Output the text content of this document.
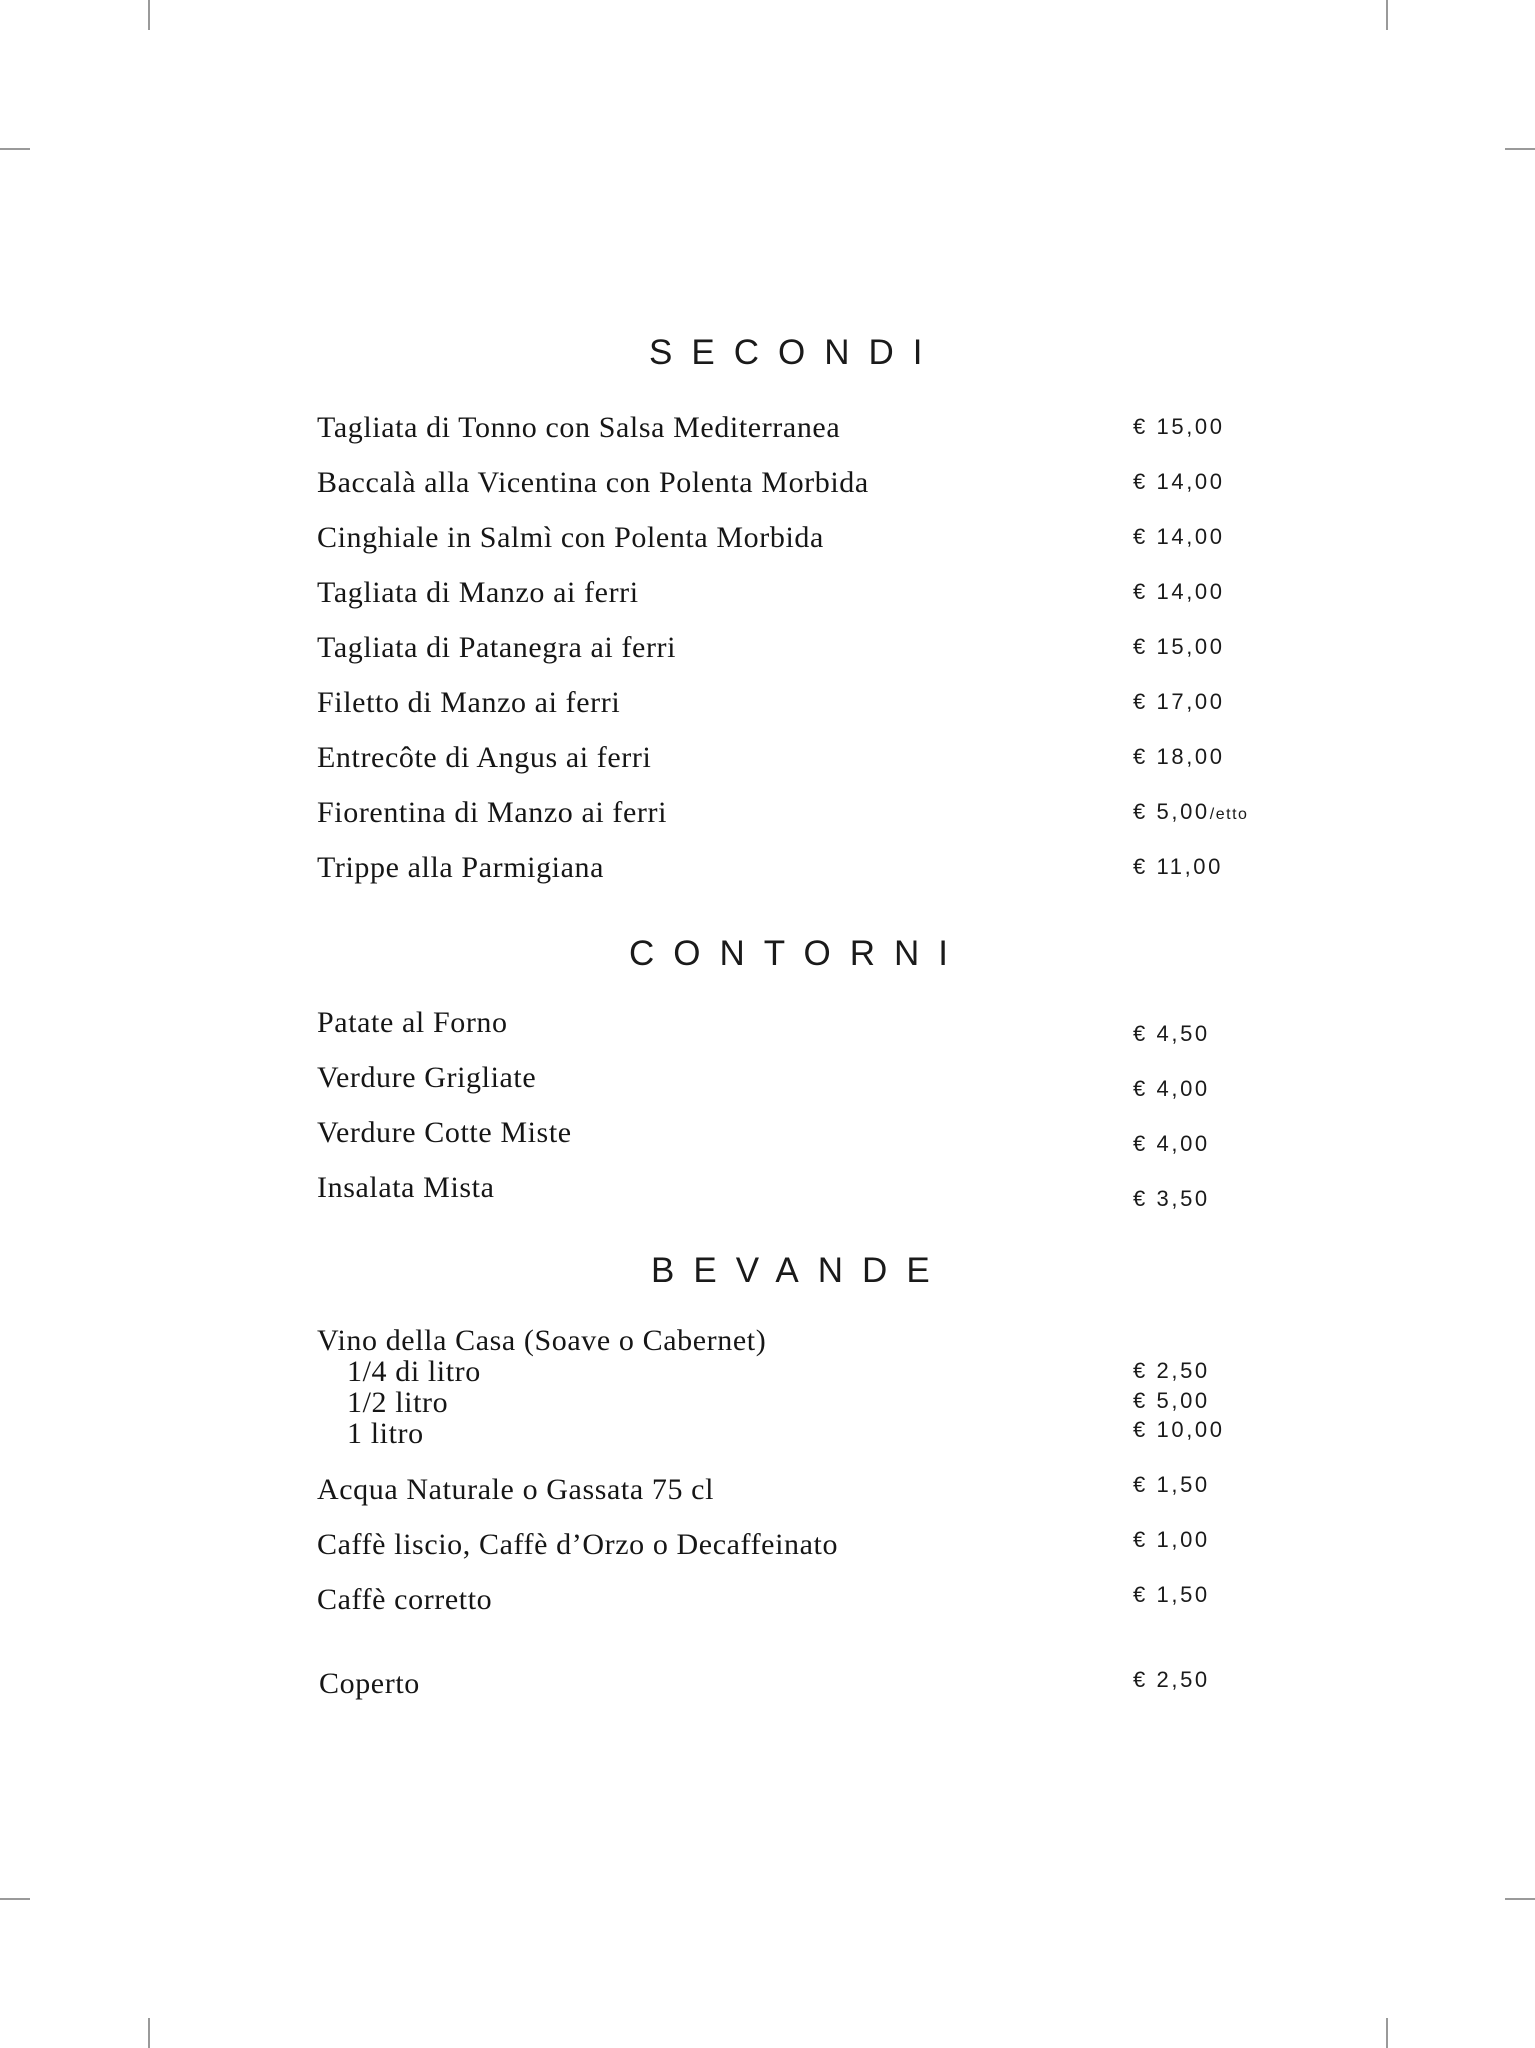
SECONDI
Tagliata di Tonno con Salsa Mediterranea	€ 15,00
Baccalà alla Vicentina con Polenta Morbida	€ 14,00
Cinghiale in Salmì con Polenta Morbida	€ 14,00
Tagliata di Manzo ai ferri	€ 14,00
Tagliata di Patanegra ai ferri	€ 15,00
Filetto di Manzo ai ferri	€ 17,00
Entrecôte di Angus ai ferri	€ 18,00
Fiorentina di Manzo ai ferri	€ 5,00/etto
Trippe alla Parmigiana	€ 11,00
CONTORNI
Patate al Forno	€ 4,50
Verdure Grigliate	€ 4,00
Verdure Cotte Miste	€ 4,00
Insalata Mista	€ 3,50
BEVANDE
Vino della Casa (Soave o Cabernet)
1/4 di litro	€ 2,50
1/2 litro	€ 5,00
1 litro	€ 10,00
Acqua Naturale o Gassata 75 cl	€ 1,50
Caffè liscio, Caffè d’Orzo o Decaffeinato	€ 1,00
Caffè corretto	€ 1,50
Coperto	€ 2,50
